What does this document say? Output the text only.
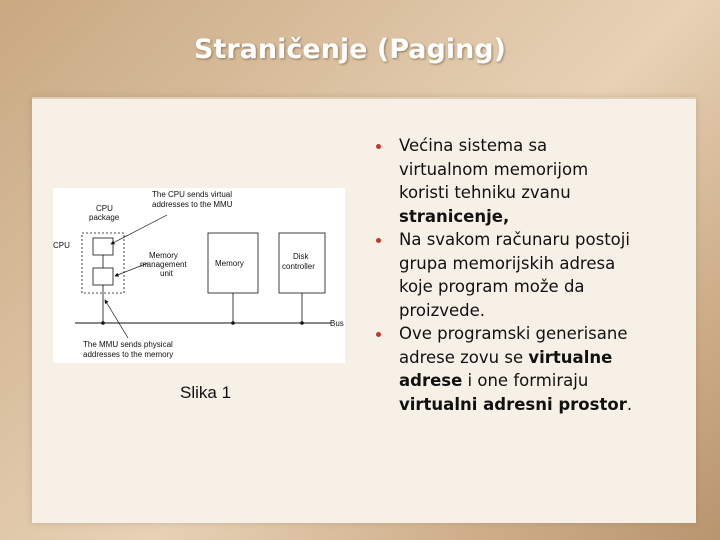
Straničenje (Paging)
CPU package
CPU
The CPU sends virtual addresses to the MMU
Memory management unit
Memory
Disk controller
Bus
The MMU sends physical addresses to the memory
Slika 1
Većina sistema sa virtualnom memorijom koristi tehniku zvanu stranicenje,
Na svakom računaru postoji grupa memorijskih adresa koje program može da proizvede.
Ove programski generisane adrese zovu se virtualne adrese i one formiraju virtualni adresni prostor.
